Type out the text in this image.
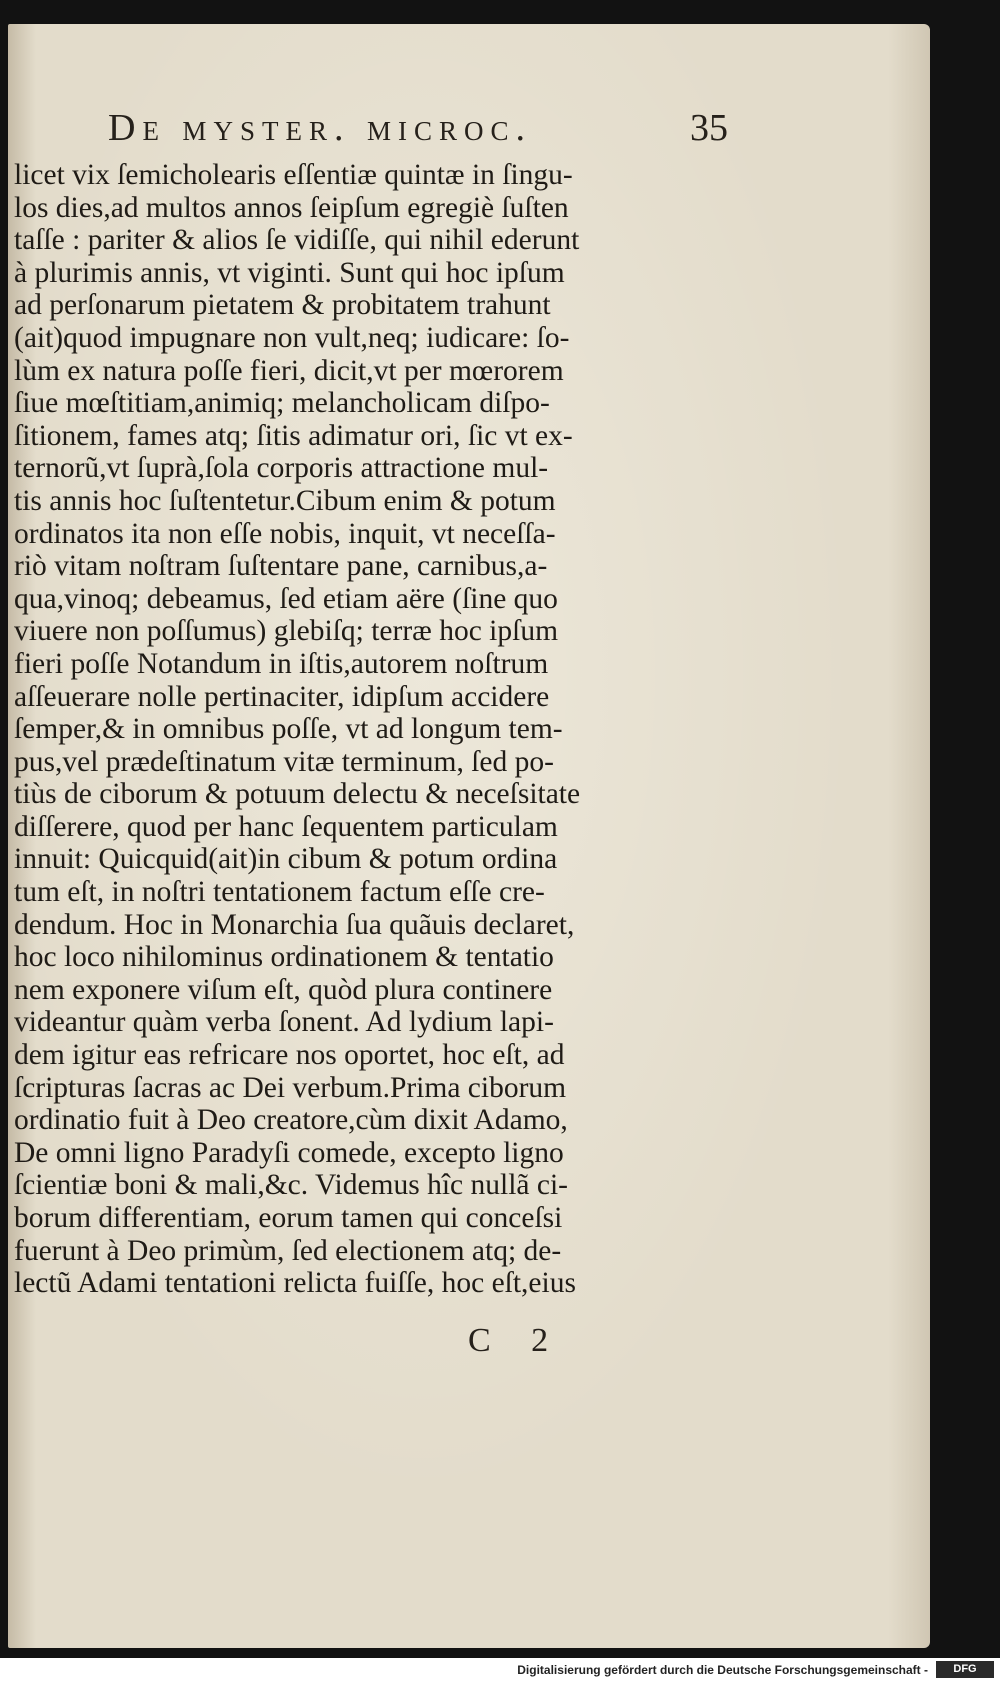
De myster. microc.	35
licet vix ſemicholearis eſſentiæ quintæ in ſingu-
los dies,ad multos annos ſeipſum egregiè ſuſten
taſſe : pariter & alios ſe vidiſſe, qui nihil ederunt
à plurimis annis, vt viginti. Sunt qui hoc ipſum
ad perſonarum pietatem & probitatem trahunt
(ait)quod impugnare non vult,neq; iudicare: ſo-
lùm ex natura poſſe fieri, dicit,vt per mœrorem
ſiue mœſtitiam,animiq; melancholicam diſpo-
ſitionem, fames atq; ſitis adimatur ori, ſic vt ex-
ternorũ,vt ſuprà,ſola corporis attractione mul-
tis annis hoc ſuſtentetur.Cibum enim & potum
ordinatos ita non eſſe nobis, inquit, vt neceſſa-
riò vitam noſtram ſuſtentare pane, carnibus,a-
qua,vinoq; debeamus, ſed etiam aëre (ſine quo
viuere non poſſumus) glebiſq; terræ hoc ipſum
fieri poſſe Notandum in iſtis,autorem noſtrum
aſſeuerare nolle pertinaciter, idipſum accidere
ſemper,& in omnibus poſſe, vt ad longum tem-
pus,vel prædeſtinatum vitæ terminum, ſed po-
tiùs de ciborum & potuum delectu & neceſsitate
diſſerere, quod per hanc ſequentem particulam
innuit: Quicquid(ait)in cibum & potum ordina
tum eſt, in noſtri tentationem factum eſſe cre-
dendum. Hoc in Monarchia ſua quãuis declaret,
hoc loco nihilominus ordinationem & tentatio
nem exponere viſum eſt, quòd plura continere
videantur quàm verba ſonent. Ad lydium lapi-
dem igitur eas refricare nos oportet, hoc eſt, ad
ſcripturas ſacras ac Dei verbum.Prima ciborum
ordinatio fuit à Deo creatore,cùm dixit Adamo,
De omni ligno Paradyſi comede, excepto ligno
ſcientiæ boni & mali,&c. Videmus hîc nullã ci-
borum differentiam, eorum tamen qui conceſsi
fuerunt à Deo primùm, ſed electionem atq; de-
lectũ Adami tentationi relicta fuiſſe, hoc eſt,eius
C 2
Digitalisierung gefördert durch die Deutsche Forschungsgemeinschaft -	DFG
